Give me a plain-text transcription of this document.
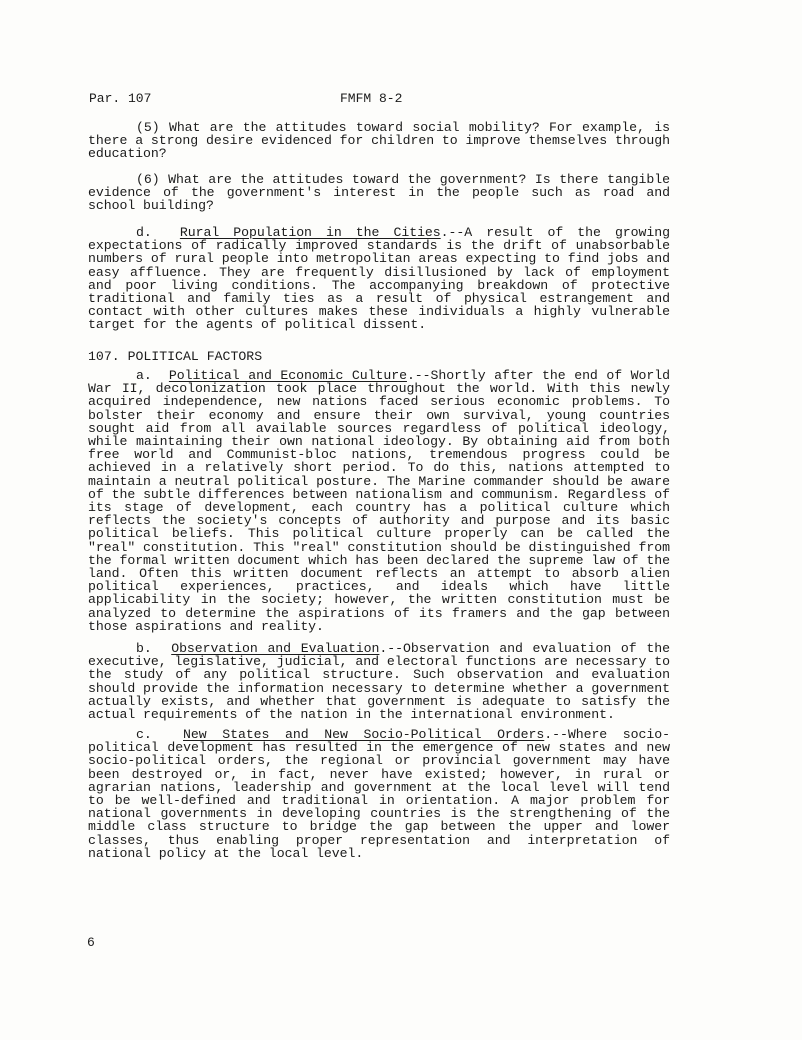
Par. 107	FMFM 8-2

(5) What are the attitudes toward social mobility? For example, is there a strong desire evidenced for children to improve themselves through education?

(6) What are the attitudes toward the government? Is there tangible evidence of the government's interest in the people such as road and school building?

d. Rural Population in the Cities.--A result of the growing expectations of radically improved standards is the drift of unabsorbable numbers of rural people into metropolitan areas expecting to find jobs and easy affluence. They are frequently disillusioned by lack of employment and poor living conditions. The accompanying breakdown of protective traditional and family ties as a result of physical estrangement and contact with other cultures makes these individuals a highly vulnerable target for the agents of political dissent.

107. POLITICAL FACTORS

a. Political and Economic Culture.--Shortly after the end of World War II, decolonization took place throughout the world. With this newly acquired independence, new nations faced serious economic problems. To bolster their economy and ensure their own survival, young countries sought aid from all available sources regardless of political ideology, while maintaining their own national ideology. By obtaining aid from both free world and Communist-bloc nations, tremendous progress could be achieved in a relatively short period. To do this, nations attempted to maintain a neutral political posture. The Marine commander should be aware of the subtle differences between nationalism and communism. Regardless of its stage of development, each country has a political culture which reflects the society's concepts of authority and purpose and its basic political beliefs. This political culture properly can be called the "real" constitution. This "real" constitution should be distinguished from the formal written document which has been declared the supreme law of the land. Often this written document reflects an attempt to absorb alien political experiences, practices, and ideals which have little applicability in the society; however, the written constitution must be analyzed to determine the aspirations of its framers and the gap between those aspirations and reality.

b. Observation and Evaluation.--Observation and evaluation of the executive, legislative, judicial, and electoral functions are necessary to the study of any political structure. Such observation and evaluation should provide the information necessary to determine whether a government actually exists, and whether that government is adequate to satisfy the actual requirements of the nation in the international environment.

c. New States and New Socio-Political Orders.--Where socio-political development has resulted in the emergence of new states and new socio-political orders, the regional or provincial government may have been destroyed or, in fact, never have existed; however, in rural or agrarian nations, leadership and government at the local level will tend to be well-defined and traditional in orientation. A major problem for national governments in developing countries is the strengthening of the middle class structure to bridge the gap between the upper and lower classes, thus enabling proper representation and interpretation of national policy at the local level.

6
